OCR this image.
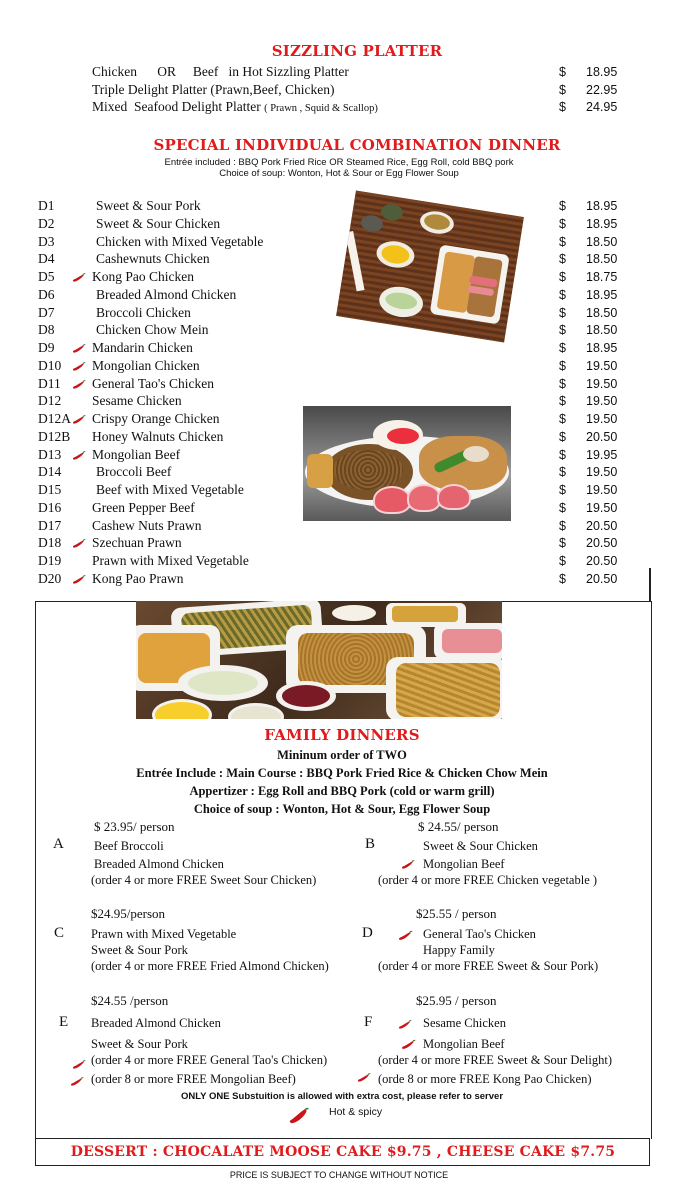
SIZZLING PLATTER
Chicken      OR     Beef   in Hot Sizzling Platter	$ 18.95
Triple Delight Platter (Prawn,Beef, Chicken)	$ 22.95
Mixed  Seafood Delight Platter ( Prawn , Squid & Scallop)	$ 24.95
SPECIAL INDIVIDUAL COMBINATION DINNER
Entrée included : BBQ Pork Fried Rice OR Steamed Rice, Egg Roll, cold BBQ pork
Choice of soup: Wonton, Hot & Sour or Egg Flower Soup
D1	Sweet & Sour Pork	$ 18.95
D2	Sweet & Sour Chicken	$ 18.95
D3	Chicken with Mixed Vegetable	$ 18.50
D4	Cashewnuts Chicken	$ 18.50
D5	Kong Pao Chicken	$ 18.75
D6	Breaded Almond Chicken	$ 18.95
D7	Broccoli Chicken	$ 18.50
D8	Chicken Chow Mein	$ 18.50
D9	Mandarin Chicken	$ 18.95
D10 Mongolian Chicken	$ 19.50
D11 General Tao's Chicken	$ 19.50
D12 Sesame Chicken	$ 19.50
D12A Crispy Orange Chicken	$ 19.50
D12B Honey Walnuts Chicken	$ 20.50
D13 Mongolian Beef	$ 19.95
D14	Broccoli Beef	$ 19.50
D15	Beef with Mixed Vegetable	$ 19.50
D16 Green Pepper Beef	$ 19.50
D17 Cashew Nuts Prawn	$ 20.50
D18 Szechuan Prawn	$ 20.50
D19 Prawn with Mixed Vegetable	$ 20.50
D20 Kong Pao Prawn	$ 20.50
FAMILY DINNERS
Mininum order of TWO
Entrée Include : Main Course : BBQ Pork Fried Rice & Chicken Chow Mein
Appertizer : Egg Roll and BBQ Pork (cold or warm grill)
Choice of soup : Wonton, Hot & Sour, Egg Flower Soup
$ 23.95/ person
A Beef Broccoli
Breaded Almond Chicken
(order 4 or more FREE Sweet Sour Chicken)
$ 24.55/ person
B	Sweet & Sour Chicken
Mongolian Beef
(order 4 or more FREE Chicken vegetable )
$24.95/person
C Prawn with Mixed Vegetable
Sweet & Sour Pork
(order 4 or more FREE Fried Almond Chicken)
$25.55 / person
D	General Tao's Chicken
Happy Family
(order 4 or more FREE Sweet & Sour Pork)
$24.55 /person
E Breaded Almond Chicken
Sweet & Sour Pork
(order 4 or more FREE General Tao's Chicken)
(order 8 or more FREE Mongolian Beef)
$25.95 / person
F	Sesame Chicken
Mongolian Beef
(order 4 or more FREE Sweet & Sour Delight)
(orde 8 or more FREE Kong Pao Chicken)
ONLY ONE Substuition is allowed with extra cost, please refer to server
Hot & spicy
DESSERT : CHOCALATE MOOSE CAKE $9.75 , CHEESE CAKE $7.75
PRICE IS SUBJECT TO CHANGE WITHOUT NOTICE
